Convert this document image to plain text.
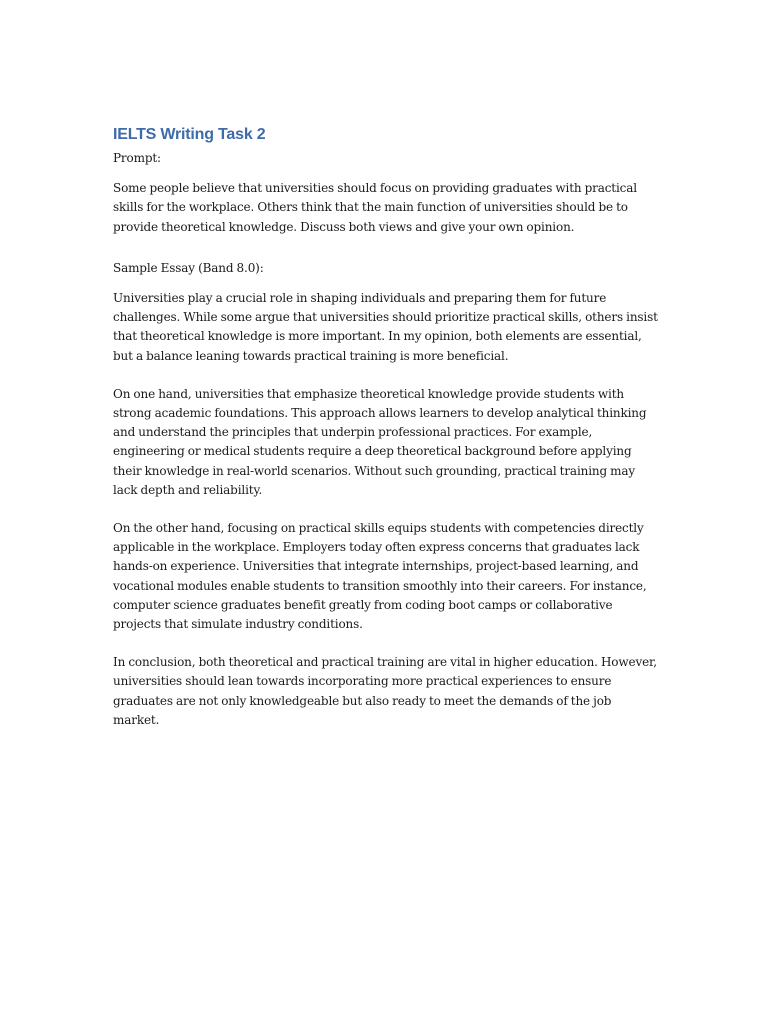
IELTS Writing Task 2

Prompt:

Some people believe that universities should focus on providing graduates with practical skills for the workplace. Others think that the main function of universities should be to provide theoretical knowledge. Discuss both views and give your own opinion.

Sample Essay (Band 8.0):

Universities play a crucial role in shaping individuals and preparing them for future challenges. While some argue that universities should prioritize practical skills, others insist that theoretical knowledge is more important. In my opinion, both elements are essential, but a balance leaning towards practical training is more beneficial.

On one hand, universities that emphasize theoretical knowledge provide students with strong academic foundations. This approach allows learners to develop analytical thinking and understand the principles that underpin professional practices. For example, engineering or medical students require a deep theoretical background before applying their knowledge in real-world scenarios. Without such grounding, practical training may lack depth and reliability.

On the other hand, focusing on practical skills equips students with competencies directly applicable in the workplace. Employers today often express concerns that graduates lack hands-on experience. Universities that integrate internships, project-based learning, and vocational modules enable students to transition smoothly into their careers. For instance, computer science graduates benefit greatly from coding boot camps or collaborative projects that simulate industry conditions.

In conclusion, both theoretical and practical training are vital in higher education. However, universities should lean towards incorporating more practical experiences to ensure graduates are not only knowledgeable but also ready to meet the demands of the job market.
